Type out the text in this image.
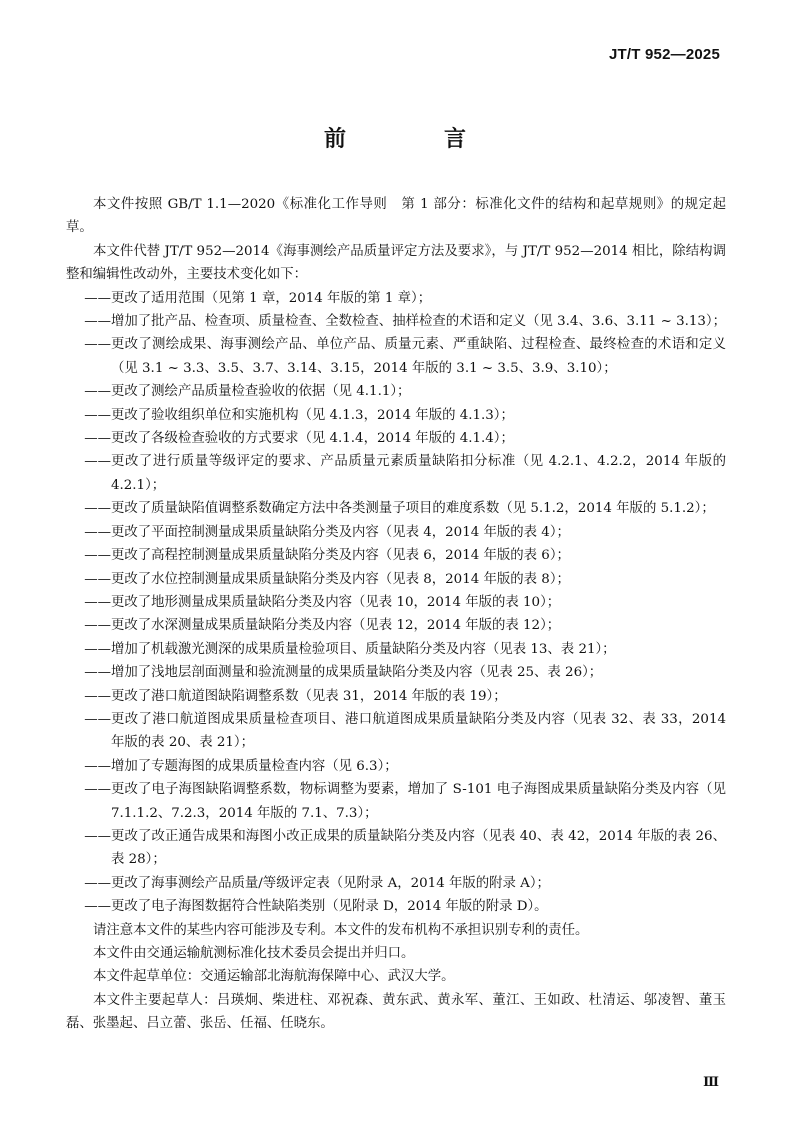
JT/T 952—2025
前　言

本文件按照 GB/T 1.1—2020《标准化工作导则　第 1 部分：标准化文件的结构和起草规则》的规定起草。

本文件代替 JT/T 952—2014《海事测绘产品质量评定方法及要求》，与 JT/T 952—2014 相比，除结构调整和编辑性改动外，主要技术变化如下：

—— 更改了适用范围（见第 1 章，2014 年版的第 1 章）；
—— 增加了批产品、检查项、质量检查、全数检查、抽样检查的术语和定义（见 3.4、3.6、3.11 ~ 3.13）；
—— 更改了测绘成果、海事测绘产品、单位产品、质量元素、严重缺陷、过程检查、最终检查的术语和定义（见 3.1 ~ 3.3、3.5、3.7、3.14、3.15，2014 年版的 3.1 ~ 3.5、3.9、3.10）；
—— 更改了测绘产品质量检查验收的依据（见 4.1.1）；
—— 更改了验收组织单位和实施机构（见 4.1.3，2014 年版的 4.1.3）；
—— 更改了各级检查验收的方式要求（见 4.1.4，2014 年版的 4.1.4）；
—— 更改了进行质量等级评定的要求、产品质量元素质量缺陷扣分标准（见 4.2.1、4.2.2，2014 年版的 4.2.1）；
—— 更改了质量缺陷值调整系数确定方法中各类测量子项目的难度系数（见 5.1.2，2014 年版的 5.1.2）；
—— 更改了平面控制测量成果质量缺陷分类及内容（见表 4，2014 年版的表 4）；
—— 更改了高程控制测量成果质量缺陷分类及内容（见表 6，2014 年版的表 6）；
—— 更改了水位控制测量成果质量缺陷分类及内容（见表 8，2014 年版的表 8）；
—— 更改了地形测量成果质量缺陷分类及内容（见表 10，2014 年版的表 10）；
—— 更改了水深测量成果质量缺陷分类及内容（见表 12，2014 年版的表 12）；
—— 增加了机载激光测深的成果质量检验项目、质量缺陷分类及内容（见表 13、表 21）；
—— 增加了浅地层剖面测量和验流测量的成果质量缺陷分类及内容（见表 25、表 26）；
—— 更改了港口航道图缺陷调整系数（见表 31，2014 年版的表 19）；
—— 更改了港口航道图成果质量检查项目、港口航道图成果质量缺陷分类及内容（见表 32、表 33，2014 年版的表 20、表 21）；
—— 增加了专题海图的成果质量检查内容（见 6.3）；
—— 更改了电子海图缺陷调整系数，物标调整为要素，增加了 S-101 电子海图成果质量缺陷分类及内容（见 7.1.1.2、7.2.3，2014 年版的 7.1、7.3）；
—— 更改了改正通告成果和海图小改正成果的质量缺陷分类及内容（见表 40、表 42，2014 年版的表 26、表 28）；
—— 更改了海事测绘产品质量/等级评定表（见附录 A，2014 年版的附录 A）；
—— 更改了电子海图数据符合性缺陷类别（见附录 D，2014 年版的附录 D）。

请注意本文件的某些内容可能涉及专利。本文件的发布机构不承担识别专利的责任。

本文件由交通运输航测标准化技术委员会提出并归口。

本文件起草单位：交通运输部北海航海保障中心、武汉大学。

本文件主要起草人：吕瑛炯、柴进柱、邓祝森、黄东武、黄永军、董江、王如政、杜清运、邬凌智、董玉磊、张墨起、吕立蕾、张岳、任福、任晓东。

Ⅲ
